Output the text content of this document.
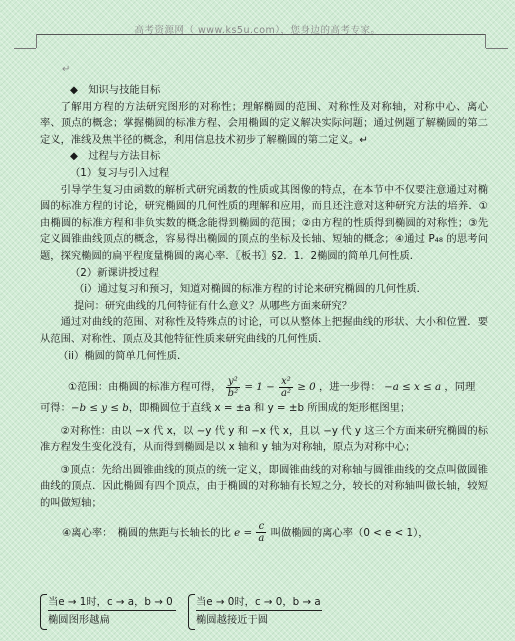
高考资源网（ www.ks5u.com），您身边的高考专家。
↵

◆　知识与技能目标　

了解用方程的方法研究图形的对称性；理解椭圆的范围、对称性及对称轴，对称中心、离心率、顶点的概念；掌握椭圆的标准方程、会用椭圆的定义解决实际问题；通过例题了解椭圆的第二定义，准线及焦半径的概念，利用信息技术初步了解椭圆的第二定义。↵

◆　过程与方法目标　

（1）复习与引入过程　

引导学生复习由函数的解析式研究函数的性质或其图像的特点，在本节中不仅要注意通过对椭圆的标准方程的讨论，研究椭圆的几何性质的理解和应用，而且还注意对这种研究方法的培养．①由椭圆的标准方程和非负实数的概念能得到椭圆的范围；②由方程的性质得到椭圆的对称性；③先定义圆锥曲线顶点的概念，容易得出椭圆的顶点的坐标及长轴、短轴的概念；④通过 P₄₈ 的思考问题，探究椭圆的扁平程度量椭圆的离心率．〖板书〗§2．1．2椭圆的简单几何性质．

（2）新课讲授过程　

（i）通过复习和预习，知道对椭圆的标准方程的讨论来研究椭圆的几何性质．

提问：研究曲线的几何特征有什么意义？从哪些方面来研究？

通过对曲线的范围、对称性及特殊点的讨论，可以从整体上把握曲线的形状、大小和位置．要从范围、对称性、顶点及其他特征性质来研究曲线的几何性质．

（ii）椭圆的简单几何性质．

①范围：由椭圆的标准方程可得， $\frac{\text{y²}}{\text{b²}} = 1 - \frac{\text{x²}}{\text{a²}} \ge 0$ ，进一步得： −a ≤ x ≤ a ，同理

可得：−b ≤ y ≤ b，即椭圆位于直线 x = ±a 和 y = ±b 所围成的矩形框图里；

②对称性：由以 −x 代 x，以 −y 代 y 和 −x 代 x，且以 −y 代 y 这三个方面来研究椭圆的标准方程发生变化没有，从而得到椭圆是以 x 轴和 y 轴为对称轴，原点为对称中心；

③顶点：先给出圆锥曲线的顶点的统一定义，即圆锥曲线的对称轴与圆锥曲线的交点叫做圆锥曲线的顶点．因此椭圆有四个顶点，由于椭圆的对称轴有长短之分，较长的对称轴叫做长轴，较短的叫做短轴；

④离心率：　椭圆的焦距与长轴长的比 $e = \frac{c}{a}$ 叫做椭圆的离心率（0 < e < 1），
当e → 1时，c → a，b → 0
椭圆图形越扁
当e → 0时，c → 0，b → a
椭圆越接近于圆
